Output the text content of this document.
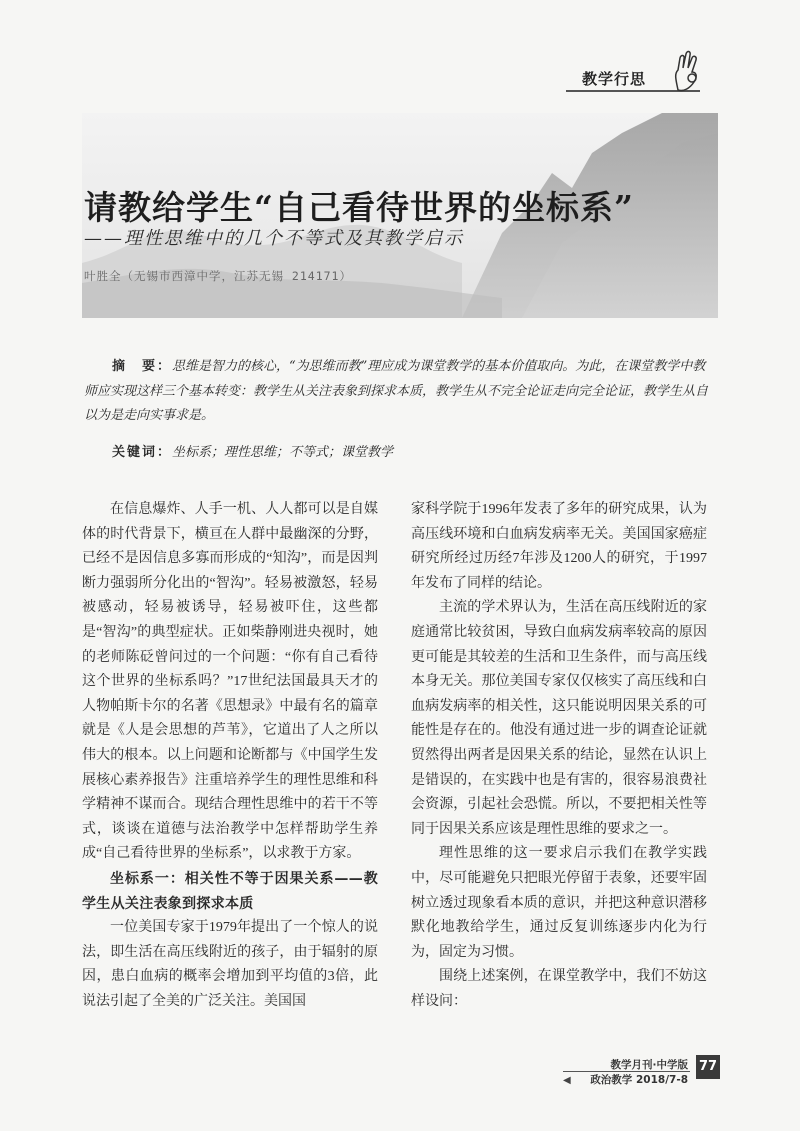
教学行思
请教给学生“自己看待世界的坐标系”
——理性思维中的几个不等式及其教学启示
叶胜全（无锡市西漳中学，江苏无锡 214171）
摘　要：思维是智力的核心，“为思维而教”理应成为课堂教学的基本价值取向。为此，在课堂教学中教师应实现这样三个基本转变：教学生从关注表象到探求本质，教学生从不完全论证走向完全论证，教学生从自以为是走向实事求是。
关键词：坐标系；理性思维；不等式；课堂教学

在信息爆炸、人手一机、人人都可以是自媒体的时代背景下，横亘在人群中最幽深的分野，已经不是因信息多寡而形成的“知沟”，而是因判断力强弱所分化出的“智沟”。轻易被激怒，轻易被感动，轻易被诱导，轻易被吓住，这些都是“智沟”的典型症状。正如柴静刚进央视时，她的老师陈砭曾问过的一个问题：“你有自己看待这个世界的坐标系吗？”17世纪法国最具天才的人物帕斯卡尔的名著《思想录》中最有名的篇章就是《人是会思想的芦苇》，它道出了人之所以伟大的根本。以上问题和论断都与《中国学生发展核心素养报告》注重培养学生的理性思维和科学精神不谋而合。现结合理性思维中的若干不等式，谈谈在道德与法治教学中怎样帮助学生养成“自己看待世界的坐标系”，以求教于方家。

坐标系一：相关性不等于因果关系——教学生从关注表象到探求本质

一位美国专家于1979年提出了一个惊人的说法，即生活在高压线附近的孩子，由于辐射的原因，患白血病的概率会增加到平均值的3倍，此说法引起了全美的广泛关注。美国国

家科学院于1996年发表了多年的研究成果，认为高压线环境和白血病发病率无关。美国国家癌症研究所经过历经7年涉及1200人的研究，于1997年发布了同样的结论。

主流的学术界认为，生活在高压线附近的家庭通常比较贫困，导致白血病发病率较高的原因更可能是其较差的生活和卫生条件，而与高压线本身无关。那位美国专家仅仅核实了高压线和白血病发病率的相关性，这只能说明因果关系的可能性是存在的。他没有通过进一步的调查论证就贸然得出两者是因果关系的结论，显然在认识上是错误的，在实践中也是有害的，很容易浪费社会资源，引起社会恐慌。所以，不要把相关性等同于因果关系应该是理性思维的要求之一。

理性思维的这一要求启示我们在教学实践中，尽可能避免只把眼光停留于表象，还要牢固树立透过现象看本质的意识，并把这种意识潜移默化地教给学生，通过反复训练逐步内化为行为，固定为习惯。

围绕上述案例，在课堂教学中，我们不妨这样设问：

教学月刊·中学版
◀ 政治教学 2018/7-8
77
